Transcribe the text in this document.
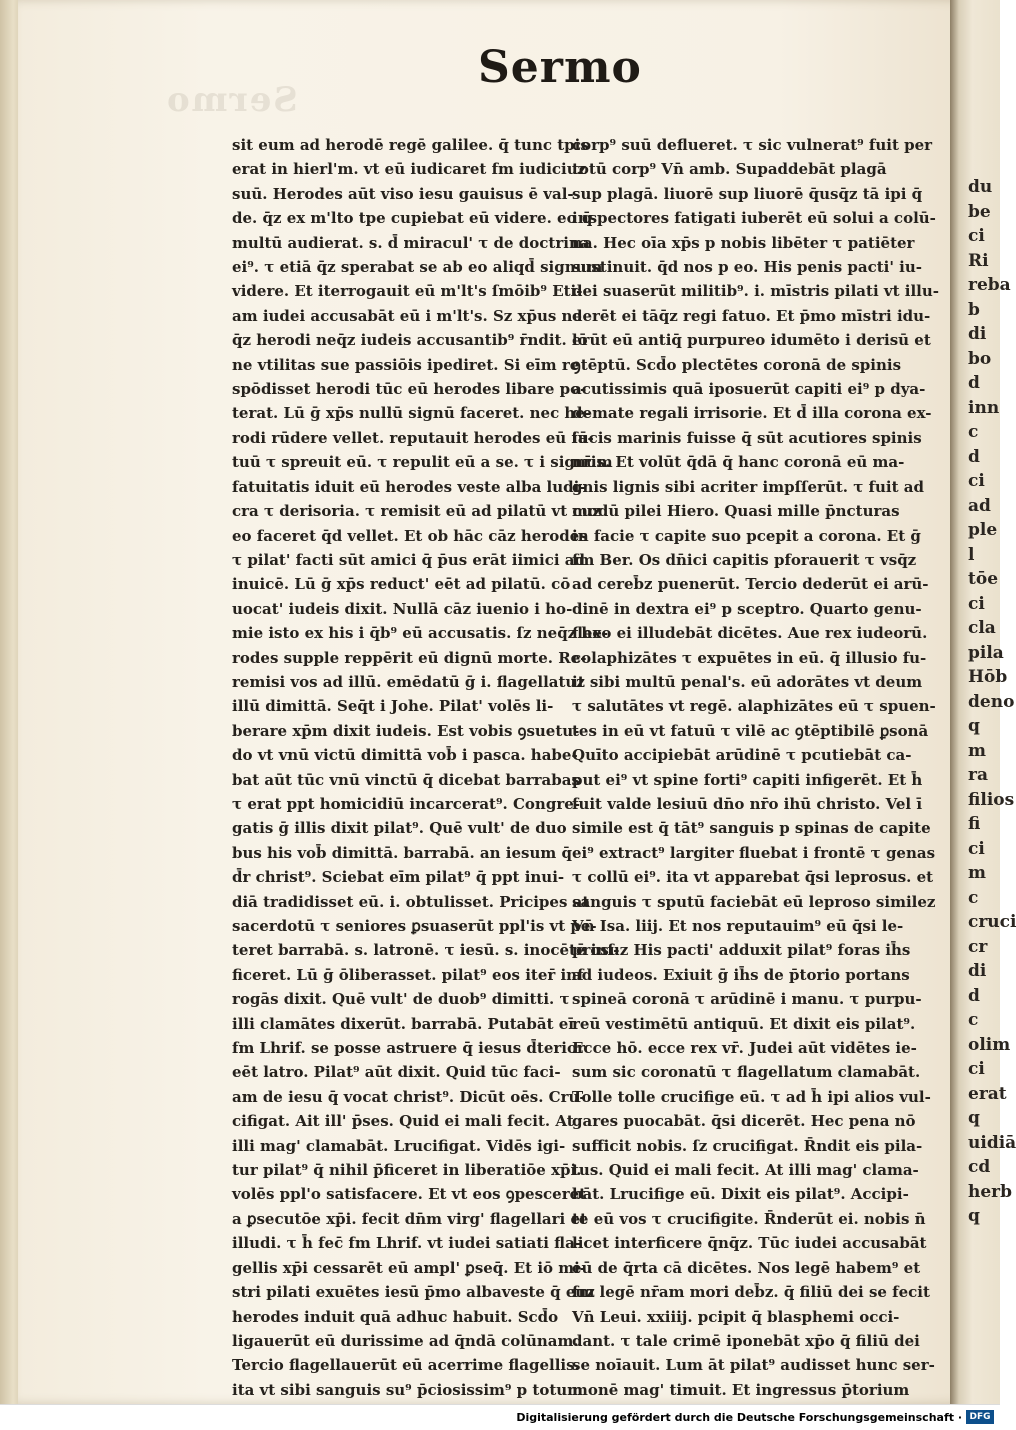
Sermo
Sermo
sit eum ad herodē regē galilee. q̄ tunc tpis
erat in hierl'm. vt eū iudicaret fm iudiciuz
suū. Herodes aūt viso iesu gauisus ē val-
de. q̄z ex m'lto tpe cupiebat eū videre. eo q̄
multū audierat. s. d̄ miracul' τ de doctrina
ei⁹. τ etiā q̄z sperabat se ab eo aliqd̄ signum
videre. Et iterrogauit eū m'lt's ſmōib⁹ Eti-
am iudei accusabāt eū i m'lt's. Sz xp̄us ne
q̄z herodi neq̄z iudeis accusantib⁹ r̄ndit. lō
ne vtilitas sue passiōis ipediret. Si eīm re
spōdisset herodi tūc eū herodes libare po-
terat. Lū ḡ xp̄s nullū signū faceret. nec he-
rodi rūdere vellet. reputauit herodes eū fa-
tuū τ spreuit eū. τ repulit eū a se. τ i signum
fatuitatis iduit eū herodes veste alba ludi-
cra τ derisoria. τ remisit eū ad pilatū vt cuz
eo faceret q̄d vellet. Et ob hāc cāz herodes
τ pilat' facti sūt amici q̄ p̄us erāt iimici ad
inuicē. Lū ḡ xp̄s reduct' eēt ad pilatū. cō
uocat' iudeis dixit. Nullā cāz iuenio i ho-
mie isto ex his i q̄b⁹ eū accusatis. ſz neq̄z he-
rodes supple reppērit eū dignū morte. Re-
remisi vos ad illū. emēdatū ḡ i. flagellatuz
illū dimittā. Seq̄t i Johe. Pilat' volēs li-
berare xp̄m dixit iudeis. Est vobis ꝯsuetu-
do vt vnū victū dimittā vob̄ i pasca. habe-
bat aūt tūc vnū vinctū q̄ dicebat barrabas
τ erat ppt homicidiū incarcerat⁹. Congre-
gatis ḡ illis dixit pilat⁹. Quē vult' de duo
bus his vob̄ dimittā. barrabā. an iesum q̄
d̄r christ⁹. Sciebat eīm pilat⁹ q̄ ppt inui-
diā tradidisset eū. i. obtulisset. Pricipes at
sacerdotū τ seniores ꝑsuaserūt ppl'is vt pe-
teret barrabā. s. latronē. τ iesū. s. inocētē inf-
ficeret. Lū ḡ ōliberasset. pilat⁹ eos iter̄ inf
rogās dixit. Quē vult' de duob⁹ dimitti. τ
illi clamātes dixerūt. barrabā. Putabāt eī
fm Lhrif. se posse astruere q̄ iesus d̄terior
eēt latro. Pilat⁹ aūt dixit. Quid tūc faci-
am de iesu q̄ vocat christ⁹. Dicūt oēs. Cru-
cifigat. Ait ill' p̄ses. Quid ei mali fecit. At
illi mag' clamabāt. Lrucifigat. Vidēs igi-
tur pilat⁹ q̄ nihil p̄ficeret in liberatiōe xp̄i.
volēs ppl'o satisfacere. Et vt eos ꝯpesceret
a ꝑsecutōe xp̄i. fecit dn̄m virg' flagellari et
illudi. τ h̄ fec̄ fm Lhrif. vt iudei satiati fla-
gellis xp̄i cessarēt eū ampl' ꝑseq̄. Et iō mi-
stri pilati exuētes iesū p̄mo albaveste q̄ euz
herodes induit quā adhuc habuit. Scd̄o
ligauerūt eū durissime ad q̄ndā colūnam.
Tercio flagellauerūt eū acerrime flagellis.
ita vt sibi sanguis su⁹ p̄ciosissim⁹ p totum
corp⁹ suū deflueret. τ sic vulnerat⁹ fuit per
totū corp⁹ Vn̄ amb. Supaddebāt plagā
sup plagā. liuorē sup liuorē q̄usq̄z tā ipi q̄
inspectores fatigati iuberēt eū solui a colū-
na. Hec oīa xp̄s p nobis libēter τ patiēter
sustinuit. q̄d nos p eo. His penis pacti' iu-
dei suaserūt militib⁹. i. mīstris pilati vt illu-
derēt ei tāq̄z regi fatuo. Et p̄mo mīstri idu-
erūt eū antiq̄ purpureo idumēto i derisū et
ꝯtēptū. Scd̄o plectētes coronā de spinis
acutissimis quā iposuerūt capiti ei⁹ p dya-
demate regali irrisorie. Et d̄ illa corona ex-
iūcis marinis fuisse q̄ sūt acutiores spinis
nr̄is. Et volūt q̄dā q̄ hanc coronā eū ma-
gnis lignis sibi acriter impſſerūt. τ fuit ad
modū pilei Hiero. Quasi mille p̄ncturas
in facie τ capite suo pcepit a corona. Et ḡ
fm Ber. Os dn̄ici capitis pforauerit τ vsq̄z
ad cereb̄z puenerūt. Tercio dederūt ei arū-
dinē in dextra ei⁹ p sceptro. Quarto genu-
flexo ei illudebāt dicētes. Aue rex iudeorū.
colaphizātes τ expuētes in eū. q̄ illusio fu-
it sibi multū penal's. eū adorātes vt deum
τ salutātes vt regē. alaphizātes eū τ spuen-
tes in eū vt fatuū τ vilē ac ꝯtēptibilē ꝑsonā
Quīto accipiebāt arūdinē τ pcutiebāt ca-
put ei⁹ vt spine forti⁹ capiti infigerēt. Et h̄
fuit valde lesiuū dn̄o nr̄o ihū christo. Vel ī
simile est q̄ tāt⁹ sanguis p spinas de capite
ei⁹ extract⁹ largiter fluebat i frontē τ genas
τ collū ei⁹. ita vt apparebat q̄si leprosus. et
sanguis τ sputū faciebāt eū leproso similez
Vn̄ Isa. liij. Et nos reputauim⁹ eū q̄si le-
prosuz His pacti' adduxit pilat⁹ foras ih̄s
ad iudeos. Exiuit ḡ ih̄s de p̄torio portans
spineā coronā τ arūdinē i manu. τ purpu-
reū vestimētū antiquū. Et dixit eis pilat⁹.
Ecce hō. ecce rex vr̄. Judei aūt vidētes ie-
sum sic coronatū τ flagellatum clamabāt.
Tolle tolle crucifige eū. τ ad h̄ ipi alios vul-
gares puocabāt. q̄si dicerēt. Hec pena nō
sufficit nobis. ſz crucifigat. R̄ndit eis pila-
tus. Quid ei mali fecit. At illi mag' clama-
bāt. Lrucifige eū. Dixit eis pilat⁹. Accipi-
te eū vos τ crucifigite. R̄nderūt ei. nobis n̄
licet interficere q̄nq̄z. Tūc iudei accusabāt
eū de q̄rta cā dicētes. Nos legē habem⁹ et
fm legē nr̄am mori deb̄z. q̄ filiū dei se fecit
Vn̄ Leui. xxiiij. pcipit q̄ blasphemi occi-
dant. τ tale crimē iponebāt xp̄o q̄ filiū dei
se noīauit. Lum āt pilat⁹ audisset hunc ser-
monē mag' timuit. Et ingressus p̄torium
du
be
ci
Ri
reba
b
di
bo
d
inn
c
d
ci
ad
ple
l
tōe
ci
cla
pila
Hōb
deno
q
m
ra
filios
fi
ci
m
c
cruci
cr
di
d
c
olim
ci
erat
q
uidiā
cd
herb
q
Digitalisierung gefördert durch die Deutsche Forschungsgemeinschaft · DFG
